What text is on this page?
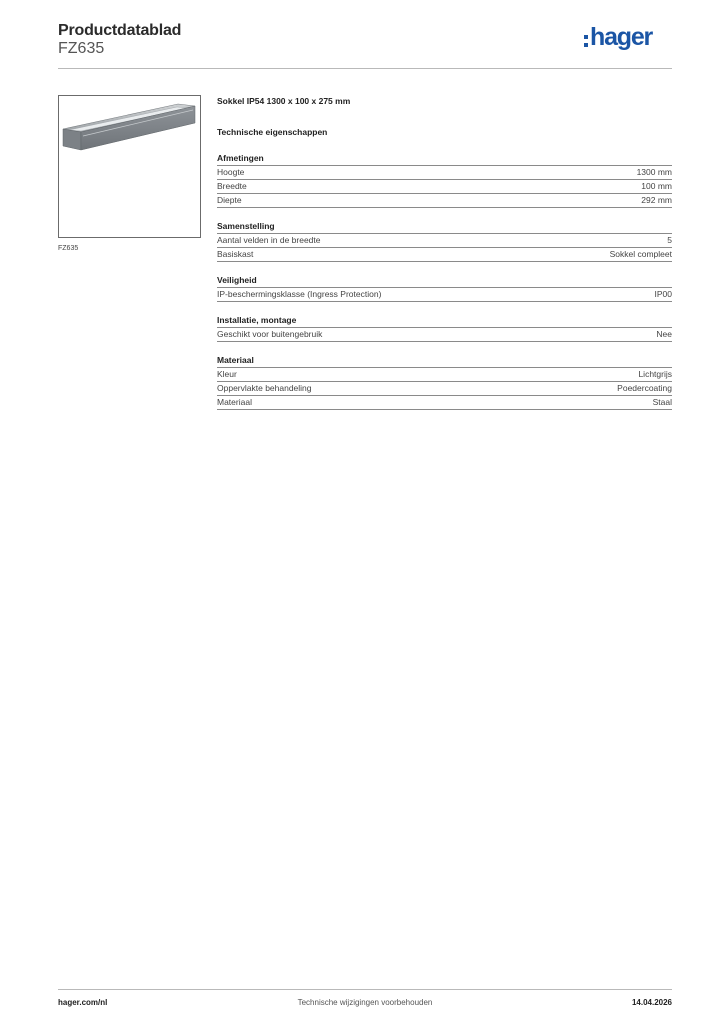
Productdatablad
FZ635	hager
FZ635
Sokkel IP54 1300 x 100 x 275 mm
Technische eigenschappen
Afmetingen
Hoogte	1300 mm
Breedte	100 mm
Diepte	292 mm
Samenstelling
Aantal velden in de breedte	5
Basiskast	Sokkel compleet
Veiligheid
IP-beschermingsklasse (Ingress Protection)	IP00
Installatie, montage
Geschikt voor buitengebruik	Nee
Materiaal
Kleur	Lichtgrijs
Oppervlakte behandeling	Poedercoating
Materiaal	Staal
hager.com/nl	Technische wijzigingen voorbehouden	14.04.2026
